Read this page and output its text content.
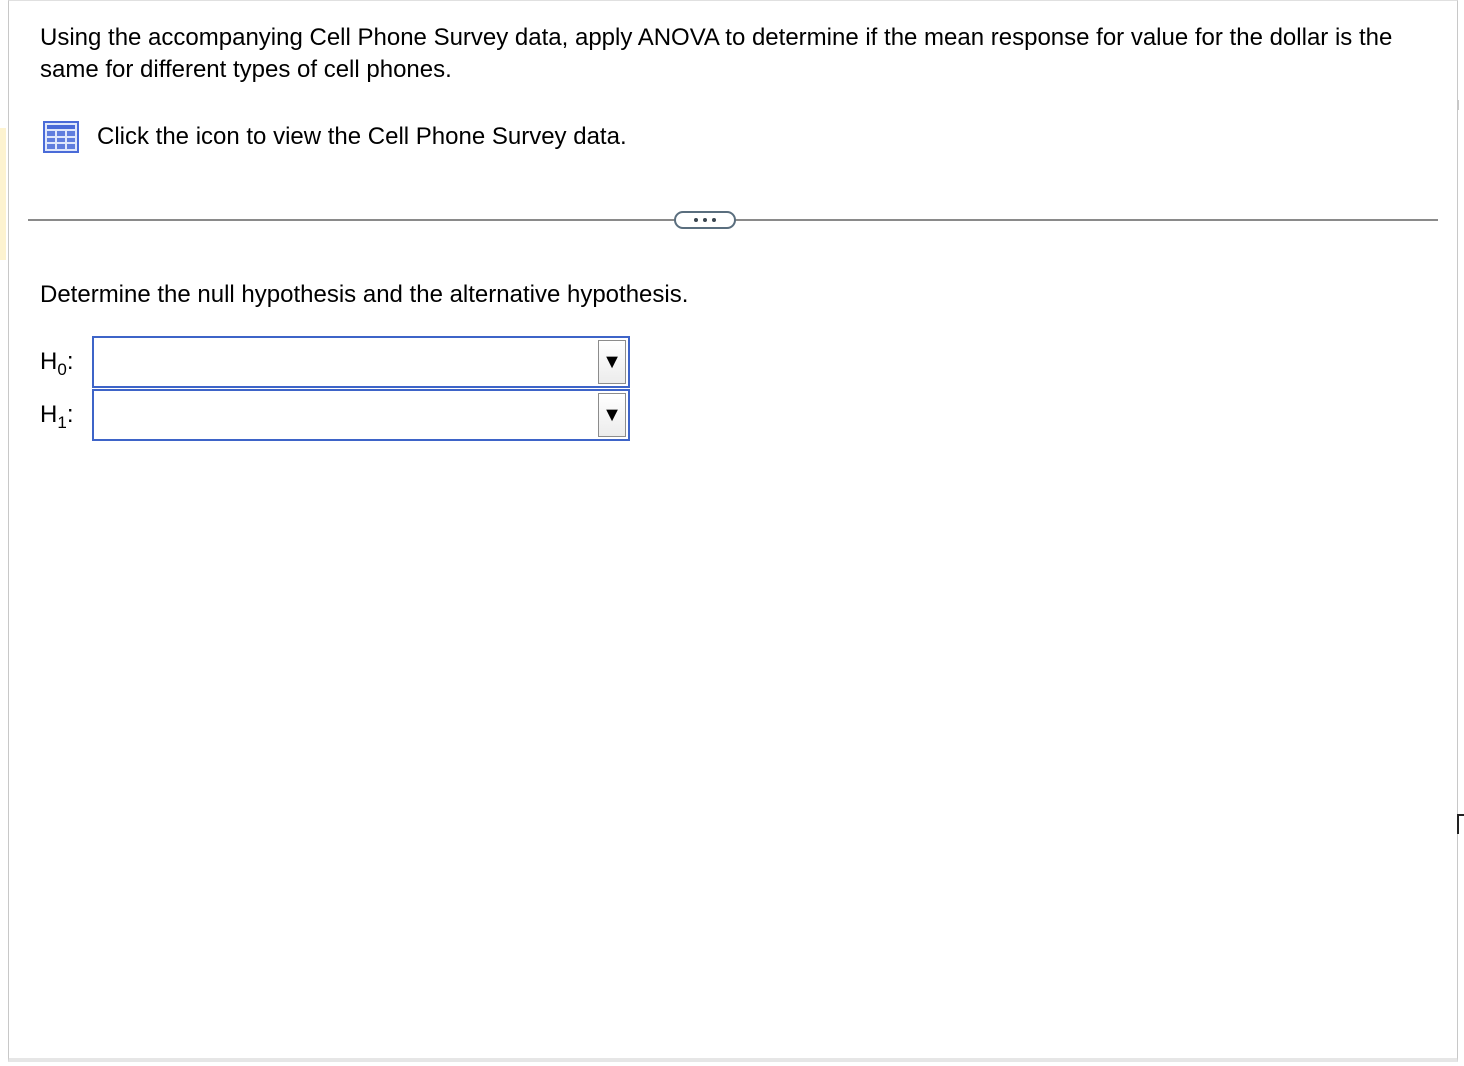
Using the accompanying Cell Phone Survey data, apply ANOVA to determine if the mean response for value for the dollar is the same for different types of cell phones.

Click the icon to view the Cell Phone Survey data.

Determine the null hypothesis and the alternative hypothesis.

$H_0$:	▼
$H_1$:	▼
